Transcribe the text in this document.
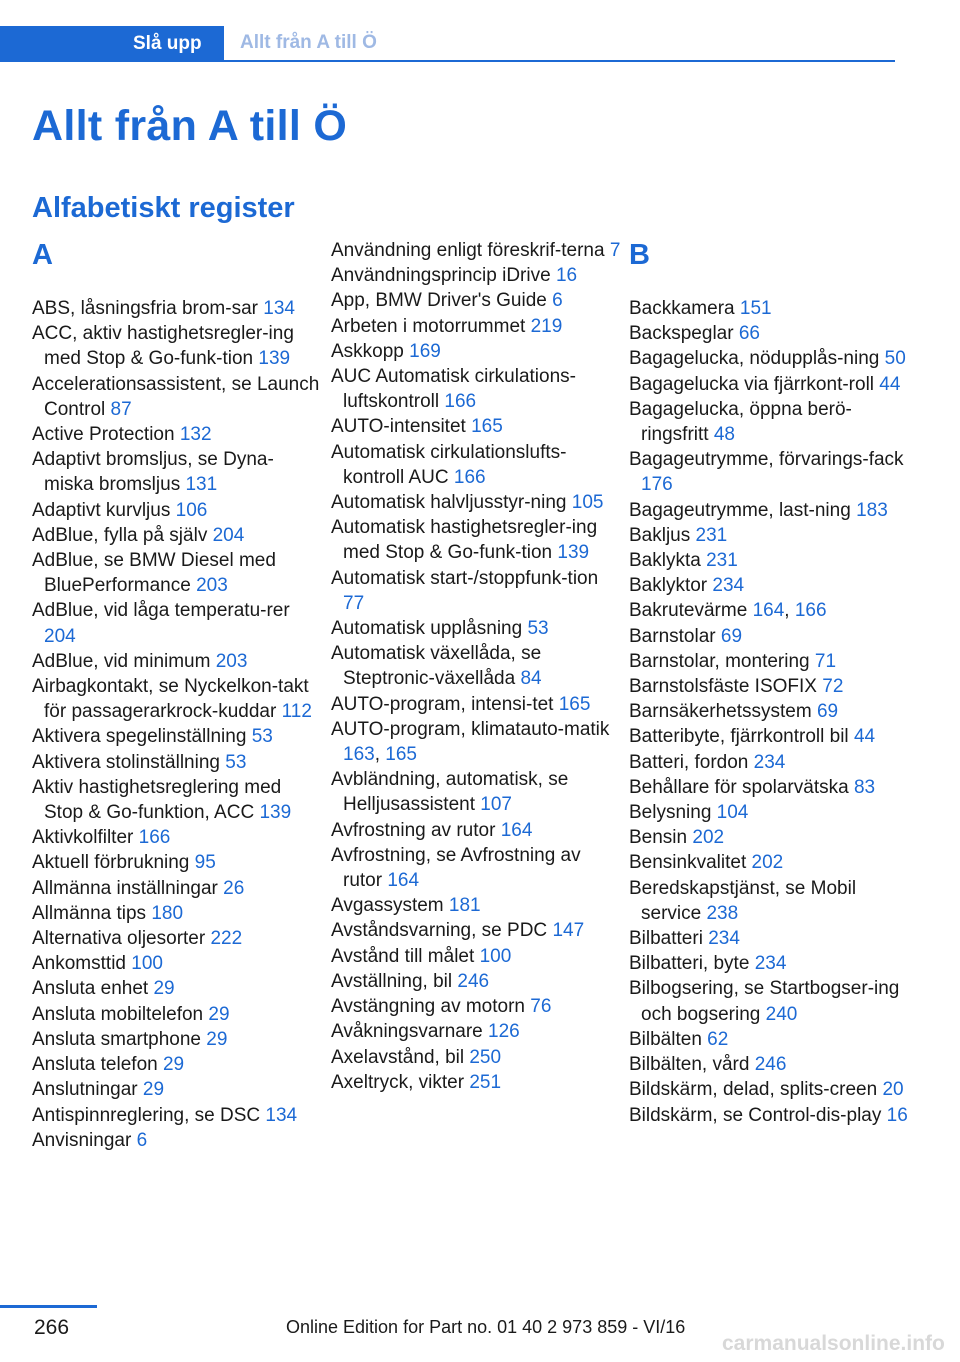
Slå upp	Allt från A till Ö
Allt från A till Ö
Alfabetiskt register
A
ABS, låsningsfria brom-sar 134
ACC, aktiv hastighetsregler-ing med Stop & Go-funk-tion 139
Accelerationsassistent, se Launch Control 87
Active Protection 132
Adaptivt bromsljus, se Dyna-miska bromsljus 131
Adaptivt kurvljus 106
AdBlue, fylla på själv 204
AdBlue, se BMW Diesel med BluePerformance 203
AdBlue, vid låga temperatu-rer 204
AdBlue, vid minimum 203
Airbagkontakt, se Nyckelkon-takt för passagerarkrock-kuddar 112
Aktivera spegelinställning 53
Aktivera stolinställning 53
Aktiv hastighetsreglering med Stop & Go-funktion, ACC 139
Aktivkolfilter 166
Aktuell förbrukning 95
Allmänna inställningar 26
Allmänna tips 180
Alternativa oljesorter 222
Ankomsttid 100
Ansluta enhet 29
Ansluta mobiltelefon 29
Ansluta smartphone 29
Ansluta telefon 29
Anslutningar 29
Antispinnreglering, se DSC 134
Anvisningar 6
Användning enligt föreskrif-terna 7
Användningsprincip iDrive 16
App, BMW Driver's Guide 6
Arbeten i motorrummet 219
Askkopp 169
AUC Automatisk cirkulations-luftskontroll 166
AUTO-intensitet 165
Automatisk cirkulationslufts-kontroll AUC 166
Automatisk halvljusstyr-ning 105
Automatisk hastighetsregler-ing med Stop & Go-funk-tion 139
Automatisk start-/stoppfunk-tion 77
Automatisk upplåsning 53
Automatisk växellåda, se Steptronic-växellåda 84
AUTO-program, intensi-tet 165
AUTO-program, klimatauto-matik 163, 165
Avbländning, automatisk, se Helljusassistent 107
Avfrostning av rutor 164
Avfrostning, se Avfrostning av rutor 164
Avgassystem 181
Avståndsvarning, se PDC 147
Avstånd till målet 100
Avställning, bil 246
Avstängning av motorn 76
Avåkningsvarnare 126
Axelavstånd, bil 250
Axeltryck, vikter 251
B
Backkamera 151
Backspeglar 66
Bagagelucka, nödupplås-ning 50
Bagagelucka via fjärrkont-roll 44
Bagagelucka, öppna berö-ringsfritt 48
Bagageutrymme, förvarings-fack 176
Bagageutrymme, last-ning 183
Bakljus 231
Baklykta 231
Baklyktor 234
Bakrutevärme 164, 166
Barnstolar 69
Barnstolar, montering 71
Barnstolsfäste ISOFIX 72
Barnsäkerhetssystem 69
Batteribyte, fjärrkontroll bil 44
Batteri, fordon 234
Behållare för spolarvätska 83
Belysning 104
Bensin 202
Bensinkvalitet 202
Beredskapstjänst, se Mobil service 238
Bilbatteri 234
Bilbatteri, byte 234
Bilbogsering, se Startbogser-ing och bogsering 240
Bilbälten 62
Bilbälten, vård 246
Bildskärm, delad, splits-creen 20
Bildskärm, se Control-dis-play 16
266	Online Edition for Part no. 01 40 2 973 859 - VI/16
carmanualsonline.info
